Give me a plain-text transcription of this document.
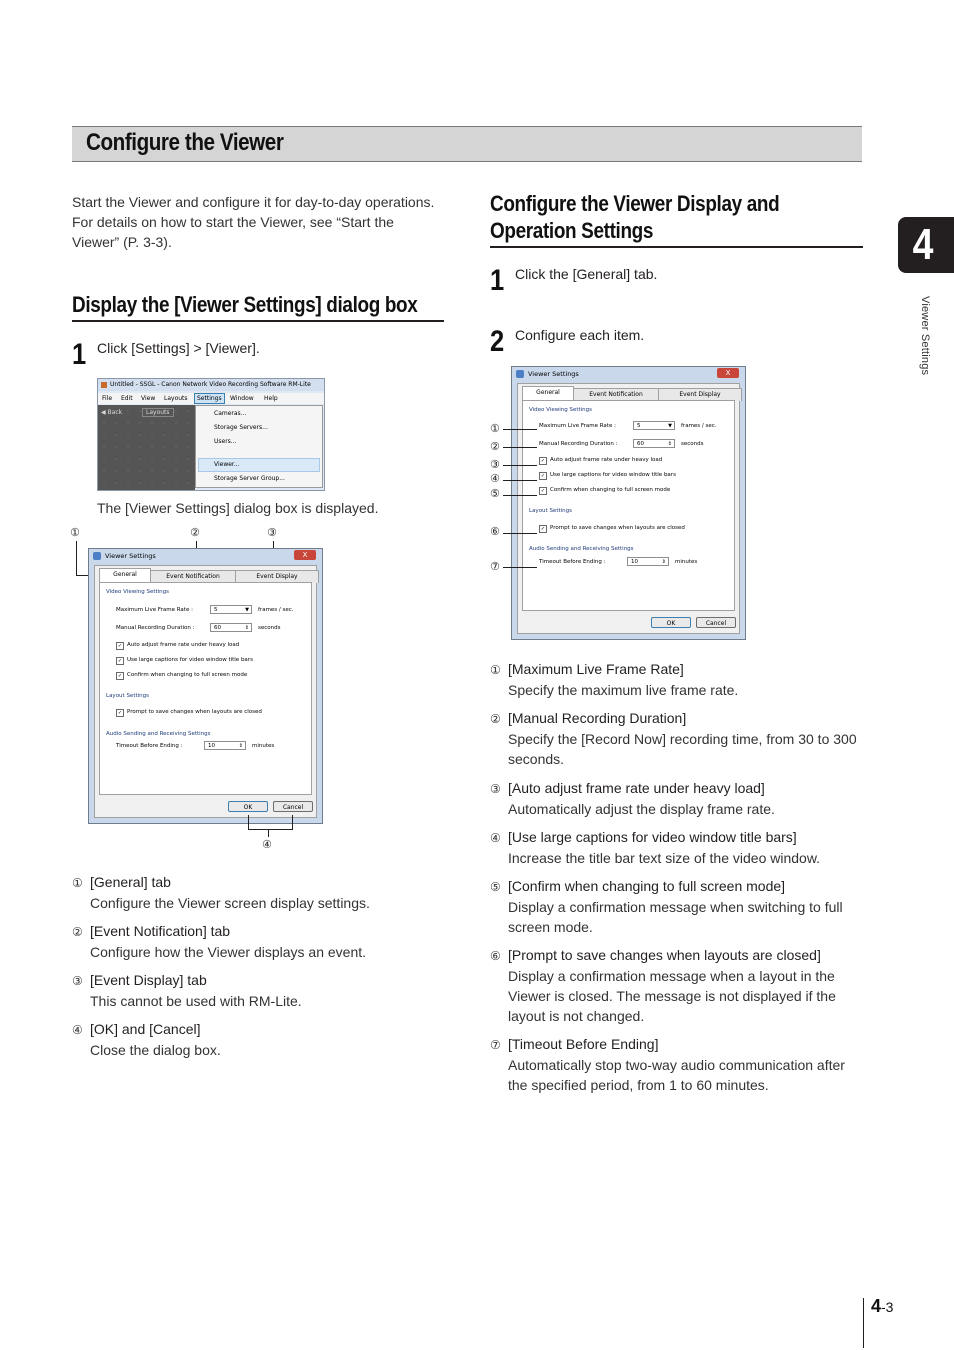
Configure the Viewer
4
Viewer Settings
Start the Viewer and configure it for day-to-day operations. For details on how to start the Viewer, see “Start the Viewer” (P. 3-3).
Display the [Viewer Settings] dialog box
1 Click [Settings] > [Viewer].
Untitled - SSGL - Canon Network Video Recording Software RM-Lite
File Edit View Layouts	Settings	Window Help
◀ Back	Layouts	Cameras...
Storage Servers...
Users...
Viewer...
Storage Server Group...
The [Viewer Settings] dialog box is displayed.
①	②	③
Viewer Settings	X
General	Event Notification	Event Display
Video Viewing Settings
Maximum Live Frame Rate :	5	▼ frames / sec.
Manual Recording Duration :	60	⇕ seconds
✓ Auto adjust frame rate under heavy load
✓ Use large captions for video window title bars
✓ Confirm when changing to full screen mode
Layout Settings
✓ Prompt to save changes when layouts are closed
Audio Sending and Receiving Settings
Timeout Before Ending :	10	⇕ minutes
OK	Cancel
④
① [General] tab
Configure the Viewer screen display settings.
② [Event Notification] tab
Configure how the Viewer displays an event.
③ [Event Display] tab
This cannot be used with RM-Lite.
④ [OK] and [Cancel]
Close the dialog box.
Configure the Viewer Display and Operation Settings
1 Click the [General] tab.
2 Configure each item.
Viewer Settings	X
General	Event Notification	Event Display
Video Viewing Settings
Maximum Live Frame Rate :	5	▼ frames / sec.
Manual Recording Duration :	60	⇕ seconds
✓ Auto adjust frame rate under heavy load
✓ Use large captions for video window title bars
✓ Confirm when changing to full screen mode
Layout Settings
✓ Prompt to save changes when layouts are closed
Audio Sending and Receiving Settings
Timeout Before Ending :	10	⇕ minutes
OK	Cancel
①
②
③
④
⑤
⑥
⑦
① [Maximum Live Frame Rate]
Specify the maximum live frame rate.
② [Manual Recording Duration]
Specify the [Record Now] recording time, from 30 to 300 seconds.
③ [Auto adjust frame rate under heavy load]
Automatically adjust the display frame rate.
④ [Use large captions for video window title bars]
Increase the title bar text size of the video window.
⑤ [Confirm when changing to full screen mode]
Display a confirmation message when switching to full screen mode.
⑥ [Prompt to save changes when layouts are closed]
Display a confirmation message when a layout in the Viewer is closed. The message is not displayed if the layout is not changed.
⑦ [Timeout Before Ending]
Automatically stop two-way audio communication after the specified period, from 1 to 60 minutes.
4-3
